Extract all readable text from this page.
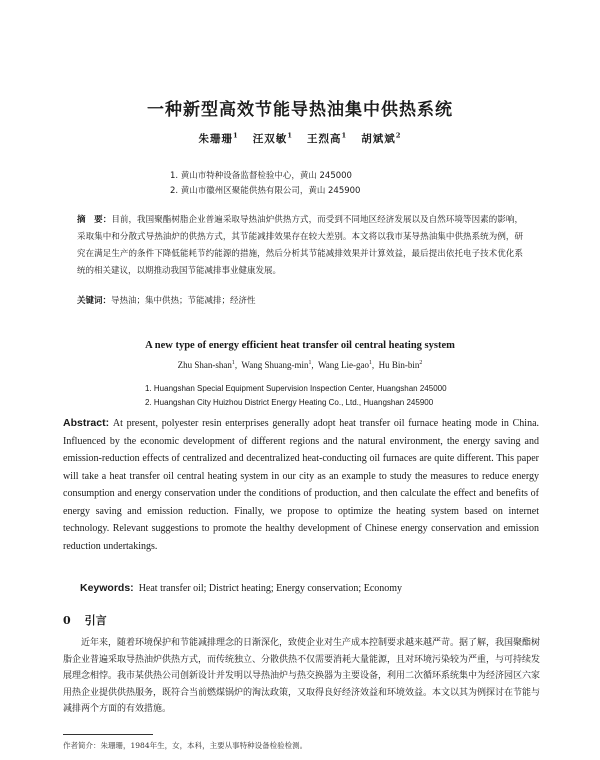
一种新型高效节能导热油集中供热系统
朱珊珊$^1$ 汪双敏$^1$ 王烈高$^1$ 胡斌斌$^2$
1. 黄山市特种设备监督检验中心，黄山 245000
2. 黄山市徽州区聚能供热有限公司，黄山 245900
摘　要：目前，我国聚酯树脂企业普遍采取导热油炉供热方式，而受到不同地区经济发展以及自然环境等因素的影响，采取集中和分散式导热油炉的供热方式，其节能减排效果存在较大差别。本文将以我市某导热油集中供热系统为例，研究在满足生产的条件下降低能耗节约能源的措施，然后分析其节能减排效果并计算效益，最后提出依托电子技术优化系统的相关建议，以期推动我国节能减排事业健康发展。
关键词：导热油；集中供热；节能减排；经济性
A new type of energy efficient heat transfer oil central heating system
Zhu Shan-shan$^1$,  Wang Shuang-$\min^1$,  Wang Lie-gao$^1$,  Hu Bin-bin$^2$
1. Huangshan Special Equipment Supervision Inspection Center, Huangshan 245000
2. Huangshan City Huizhou District Energy Heating Co., Ltd., Huangshan 245900
Abstract: At present, polyester resin enterprises generally adopt heat transfer oil furnace heating mode in China. Influenced by the economic development of different regions and the natural environment, the energy saving and emission-reduction effects of centralized and decentralized heat-conducting oil furnaces are quite different. This paper will take a heat transfer oil central heating system in our city as an example to study the measures to reduce energy consumption and energy conservation under the conditions of production, and then calculate the effect and benefits of energy saving and emission reduction. Finally, we propose to optimize the heating system based on internet technology. Relevant suggestions to promote the healthy development of Chinese energy conservation and emission reduction undertakings.
Keywords: Heat transfer oil; District heating; Energy conservation; Economy
0 引言
近年来，随着环境保护和节能减排理念的日渐深化，致使企业对生产成本控制要求越来越严苛。据了解，我国聚酯树脂企业普遍采取导热油炉供热方式，而传统独立、分散供热不仅需要消耗大量能源，且对环境污染较为严重，与可持续发展理念相悖。我市某供热公司创新设计并发明以导热油炉与热交换器为主要设备，利用二次循环系统集中为经济园区六家用热企业提供供热服务，既符合当前燃煤锅炉的淘汰政策，又取得良好经济效益和环境效益。本文以其为例探讨在节能与减排两个方面的有效措施。
作者简介：朱珊珊，1984年生，女，本科，主要从事特种设备检验检测。
